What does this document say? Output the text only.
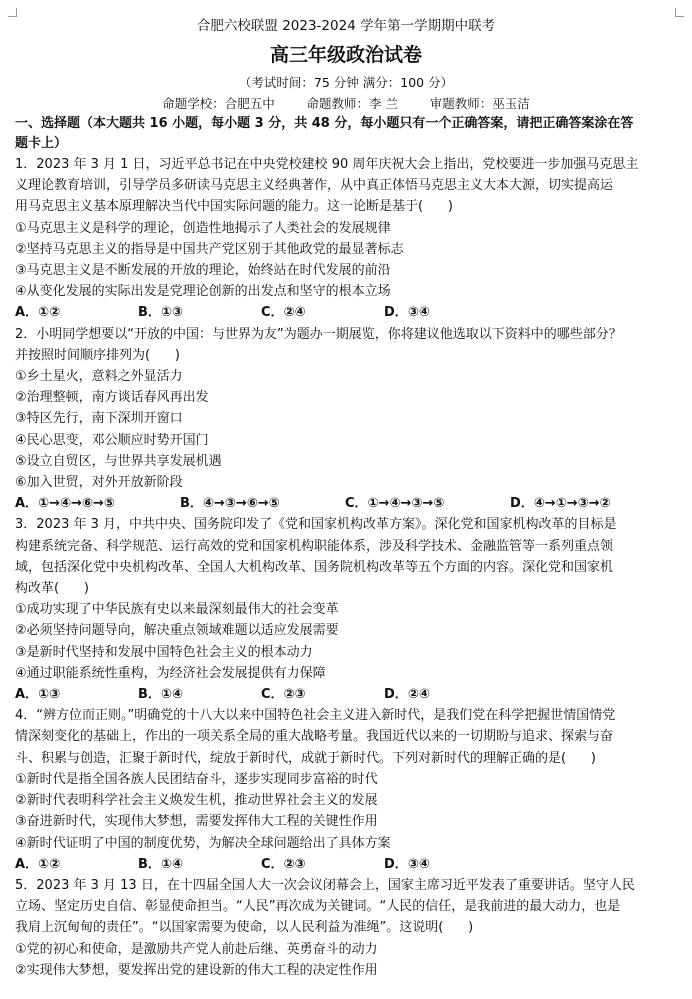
合肥六校联盟 2023-2024 学年第一学期期中联考
高三年级政治试卷
（考试时间：75 分钟 满分：100 分）
命题学校：合肥五中        命题教师：李 兰        审题教师：巫玉洁
一、选择题（本大题共 16 小题，每小题 3 分，共 48 分，每小题只有一个正确答案，请把正确答案涂在答
题卡上）
1．2023 年 3 月 1 日，习近平总书记在中央党校建校 90 周年庆祝大会上指出，党校要进一步加强马克思主
义理论教育培训，引导学员多研读马克思主义经典著作，从中真正体悟马克思主义大本大源，切实提高运
用马克思主义基本原理解决当代中国实际问题的能力。这一论断是基于(      )
①马克思主义是科学的理论，创造性地揭示了人类社会的发展规律
②坚持马克思主义的指导是中国共产党区别于其他政党的最显著标志
③马克思主义是不断发展的开放的理论，始终站在时代发展的前沿
④从变化发展的实际出发是党理论创新的出发点和坚守的根本立场
A．①②	B．①③	C．②④	D．③④
2．小明同学想要以“开放的中国：与世界为友”为题办一期展览，你将建议他选取以下资料中的哪些部分？
并按照时间顺序排列为(      )
①乡土星火，意料之外显活力
②治理整顿，南方谈话春风再出发
③特区先行，南下深圳开窗口
④民心思变，邓公顺应时势开国门
⑤设立自贸区，与世界共享发展机遇
⑥加入世贸，对外开放新阶段
A．①→④→⑥→⑤	B．④→③→⑥→⑤	C．①→④→③→⑤	D．④→①→③→②
3．2023 年 3 月，中共中央、国务院印发了《党和国家机构改革方案》。深化党和国家机构改革的目标是
构建系统完备、科学规范、运行高效的党和国家机构职能体系，涉及科学技术、金融监管等一系列重点领
域，包括深化党中央机构改革、全国人大机构改革、国务院机构改革等五个方面的内容。深化党和国家机
构改革(      )
①成功实现了中华民族有史以来最深刻最伟大的社会变革
②必须坚持问题导向，解决重点领域难题以适应发展需要
③是新时代坚持和发展中国特色社会主义的根本动力
④通过职能系统性重构，为经济社会发展提供有力保障
A．①③	B．①④	C．②③	D．②④
4．“辨方位而正则。”明确党的十八大以来中国特色社会主义进入新时代，是我们党在科学把握世情国情党
情深刻变化的基础上，作出的一项关系全局的重大战略考量。我国近代以来的一切期盼与追求、探索与奋
斗、积累与创造，汇聚于新时代，绽放于新时代，成就于新时代。下列对新时代的理解正确的是(      )
①新时代是指全国各族人民团结奋斗，逐步实现同步富裕的时代
②新时代表明科学社会主义焕发生机，推动世界社会主义的发展
③奋进新时代，实现伟大梦想，需要发挥伟大工程的关键性作用
④新时代证明了中国的制度优势，为解决全球问题给出了具体方案
A．①②	B．①④	C．②③	D．③④
5．2023 年 3 月 13 日，在十四届全国人大一次会议闭幕会上，国家主席习近平发表了重要讲话。坚守人民
立场、坚定历史自信、彰显使命担当。“人民”再次成为关键词。“人民的信任，是我前进的最大动力，也是
我肩上沉甸甸的责任”。“以国家需要为使命，以人民利益为准绳”。这说明(      )
①党的初心和使命，是激励共产党人前赴后继、英勇奋斗的动力
②实现伟大梦想，要发挥出党的建设新的伟大工程的决定性作用
